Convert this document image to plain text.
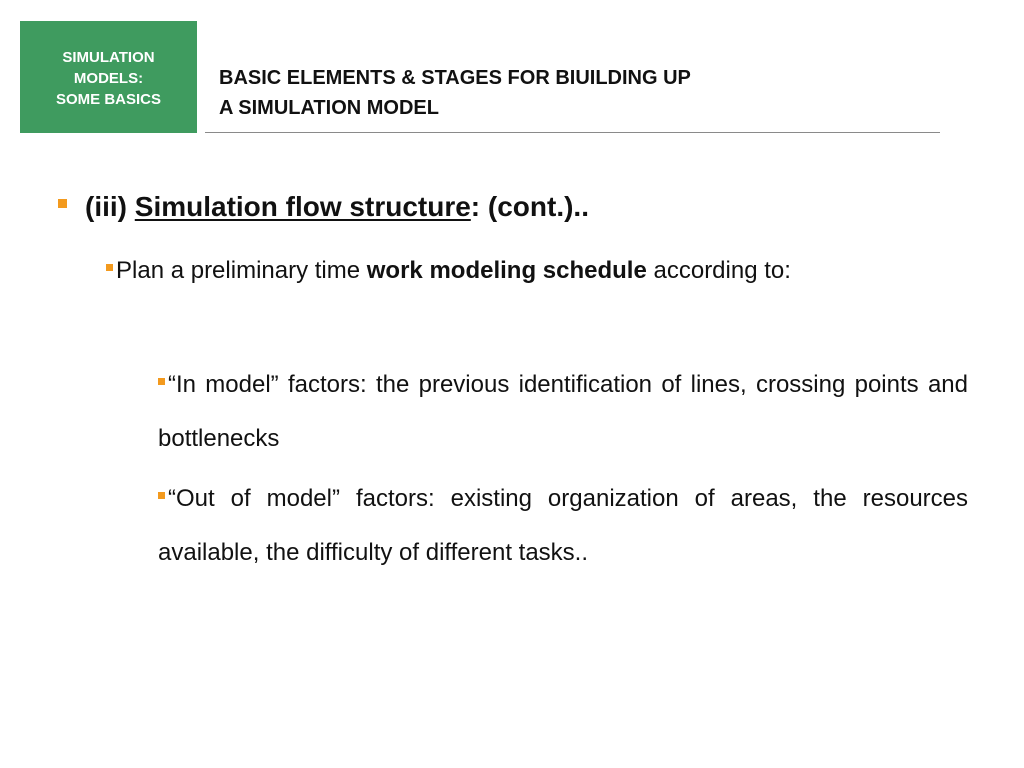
SIMULATION
MODELS:
SOME BASICS
BASIC ELEMENTS & STAGES FOR BIUILDING UP
A SIMULATION MODEL
(iii) Simulation flow structure: (cont.)..
Plan a preliminary time work modeling schedule according to:
“In model” factors: the previous identification of lines, crossing points and bottlenecks
“Out of model” factors: existing organization of areas, the resources available, the difficulty of different tasks..
